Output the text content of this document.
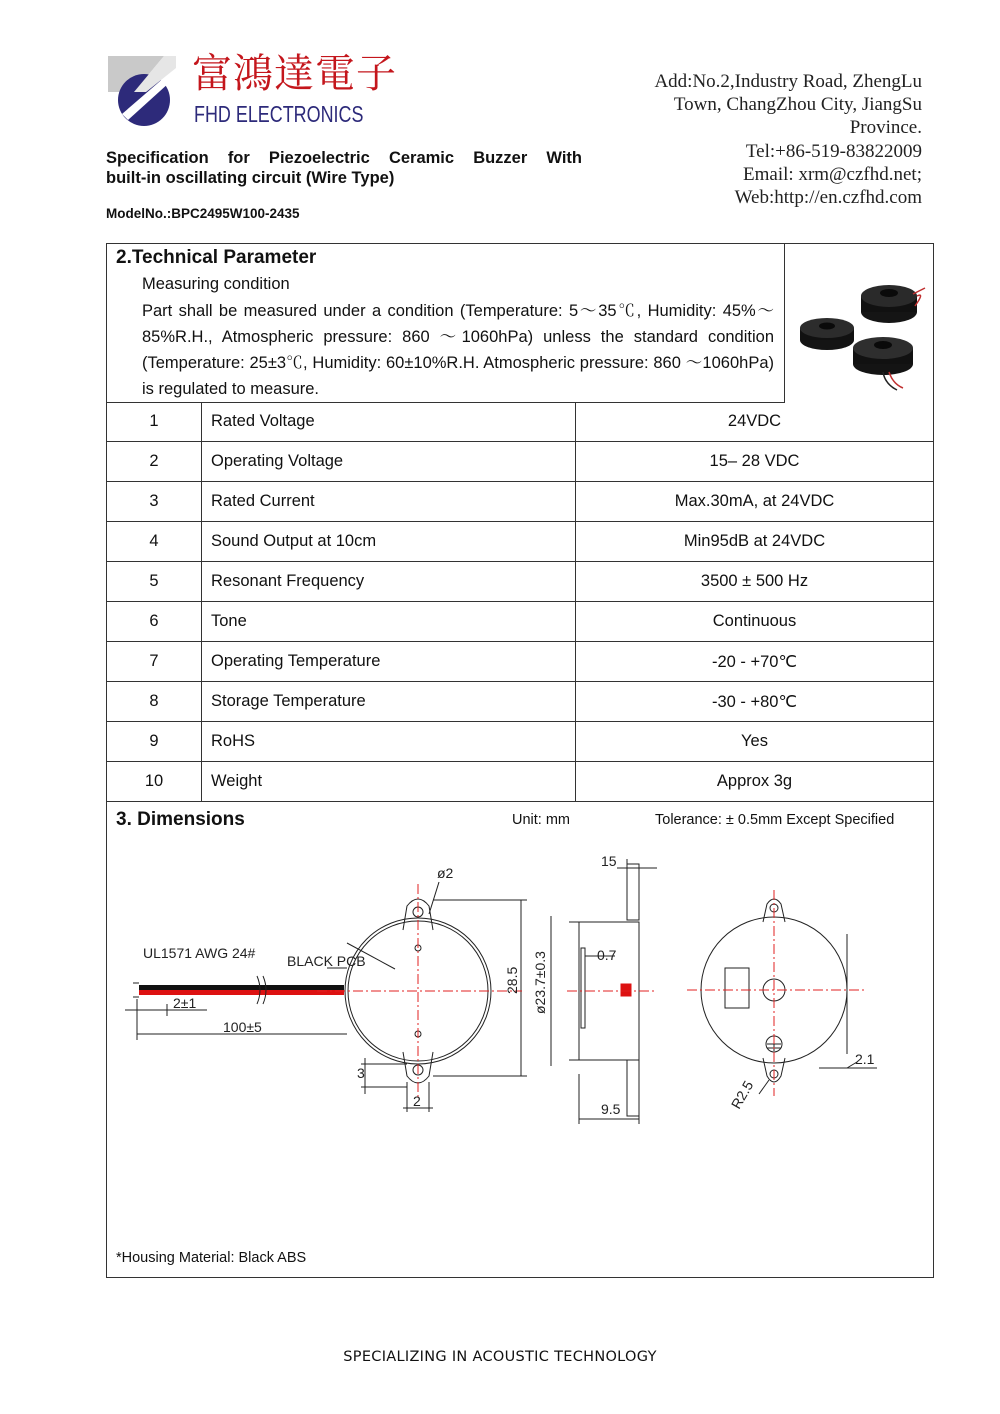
富鴻達電子
FHD ELECTRONICS
Add:No.2,Industry Road, ZhengLu
Town, ChangZhou City, JiangSu
Province.
Tel:+86-519-83822009
Email: xrm@czfhd.net;
Web:http://en.czfhd.com
Specification for Piezoelectric Ceramic Buzzer With
built-in oscillating circuit (Wire Type)
ModelNo.:BPC2495W100-2435
2.Technical Parameter
Measuring condition
Part shall be measured under a condition (Temperature: 5～35℃, Humidity: 45%～85%R.H., Atmospheric pressure: 860 ～1060hPa) unless the standard condition (Temperature: 25±3℃, Humidity: 60±10%R.H. Atmospheric pressure: 860 ～1060hPa) is regulated to measure.
1	Rated Voltage	24VDC
2	Operating Voltage	15– 28 VDC
3	Rated Current	Max.30mA, at 24VDC
4	Sound Output at 10cm	Min95dB at 24VDC
5	Resonant Frequency	3500 ± 500 Hz
6	Tone	Continuous
7	Operating Temperature	-20 - +70℃
8	Storage Temperature	-30 - +80℃
9	RoHS	Yes
10	Weight	Approx 3g
3. Dimensions	Unit: mm	Tolerance: ± 0.5mm Except Specified
BLACK PCB
UL1571 AWG 24#
2±1
100±5
ø2
28.5 ø23.7±0.3
15
0.7
9.5
3
2
2.1
R2.5
*Housing Material: Black ABS
SPECIALIZING IN ACOUSTIC TECHNOLOGY
